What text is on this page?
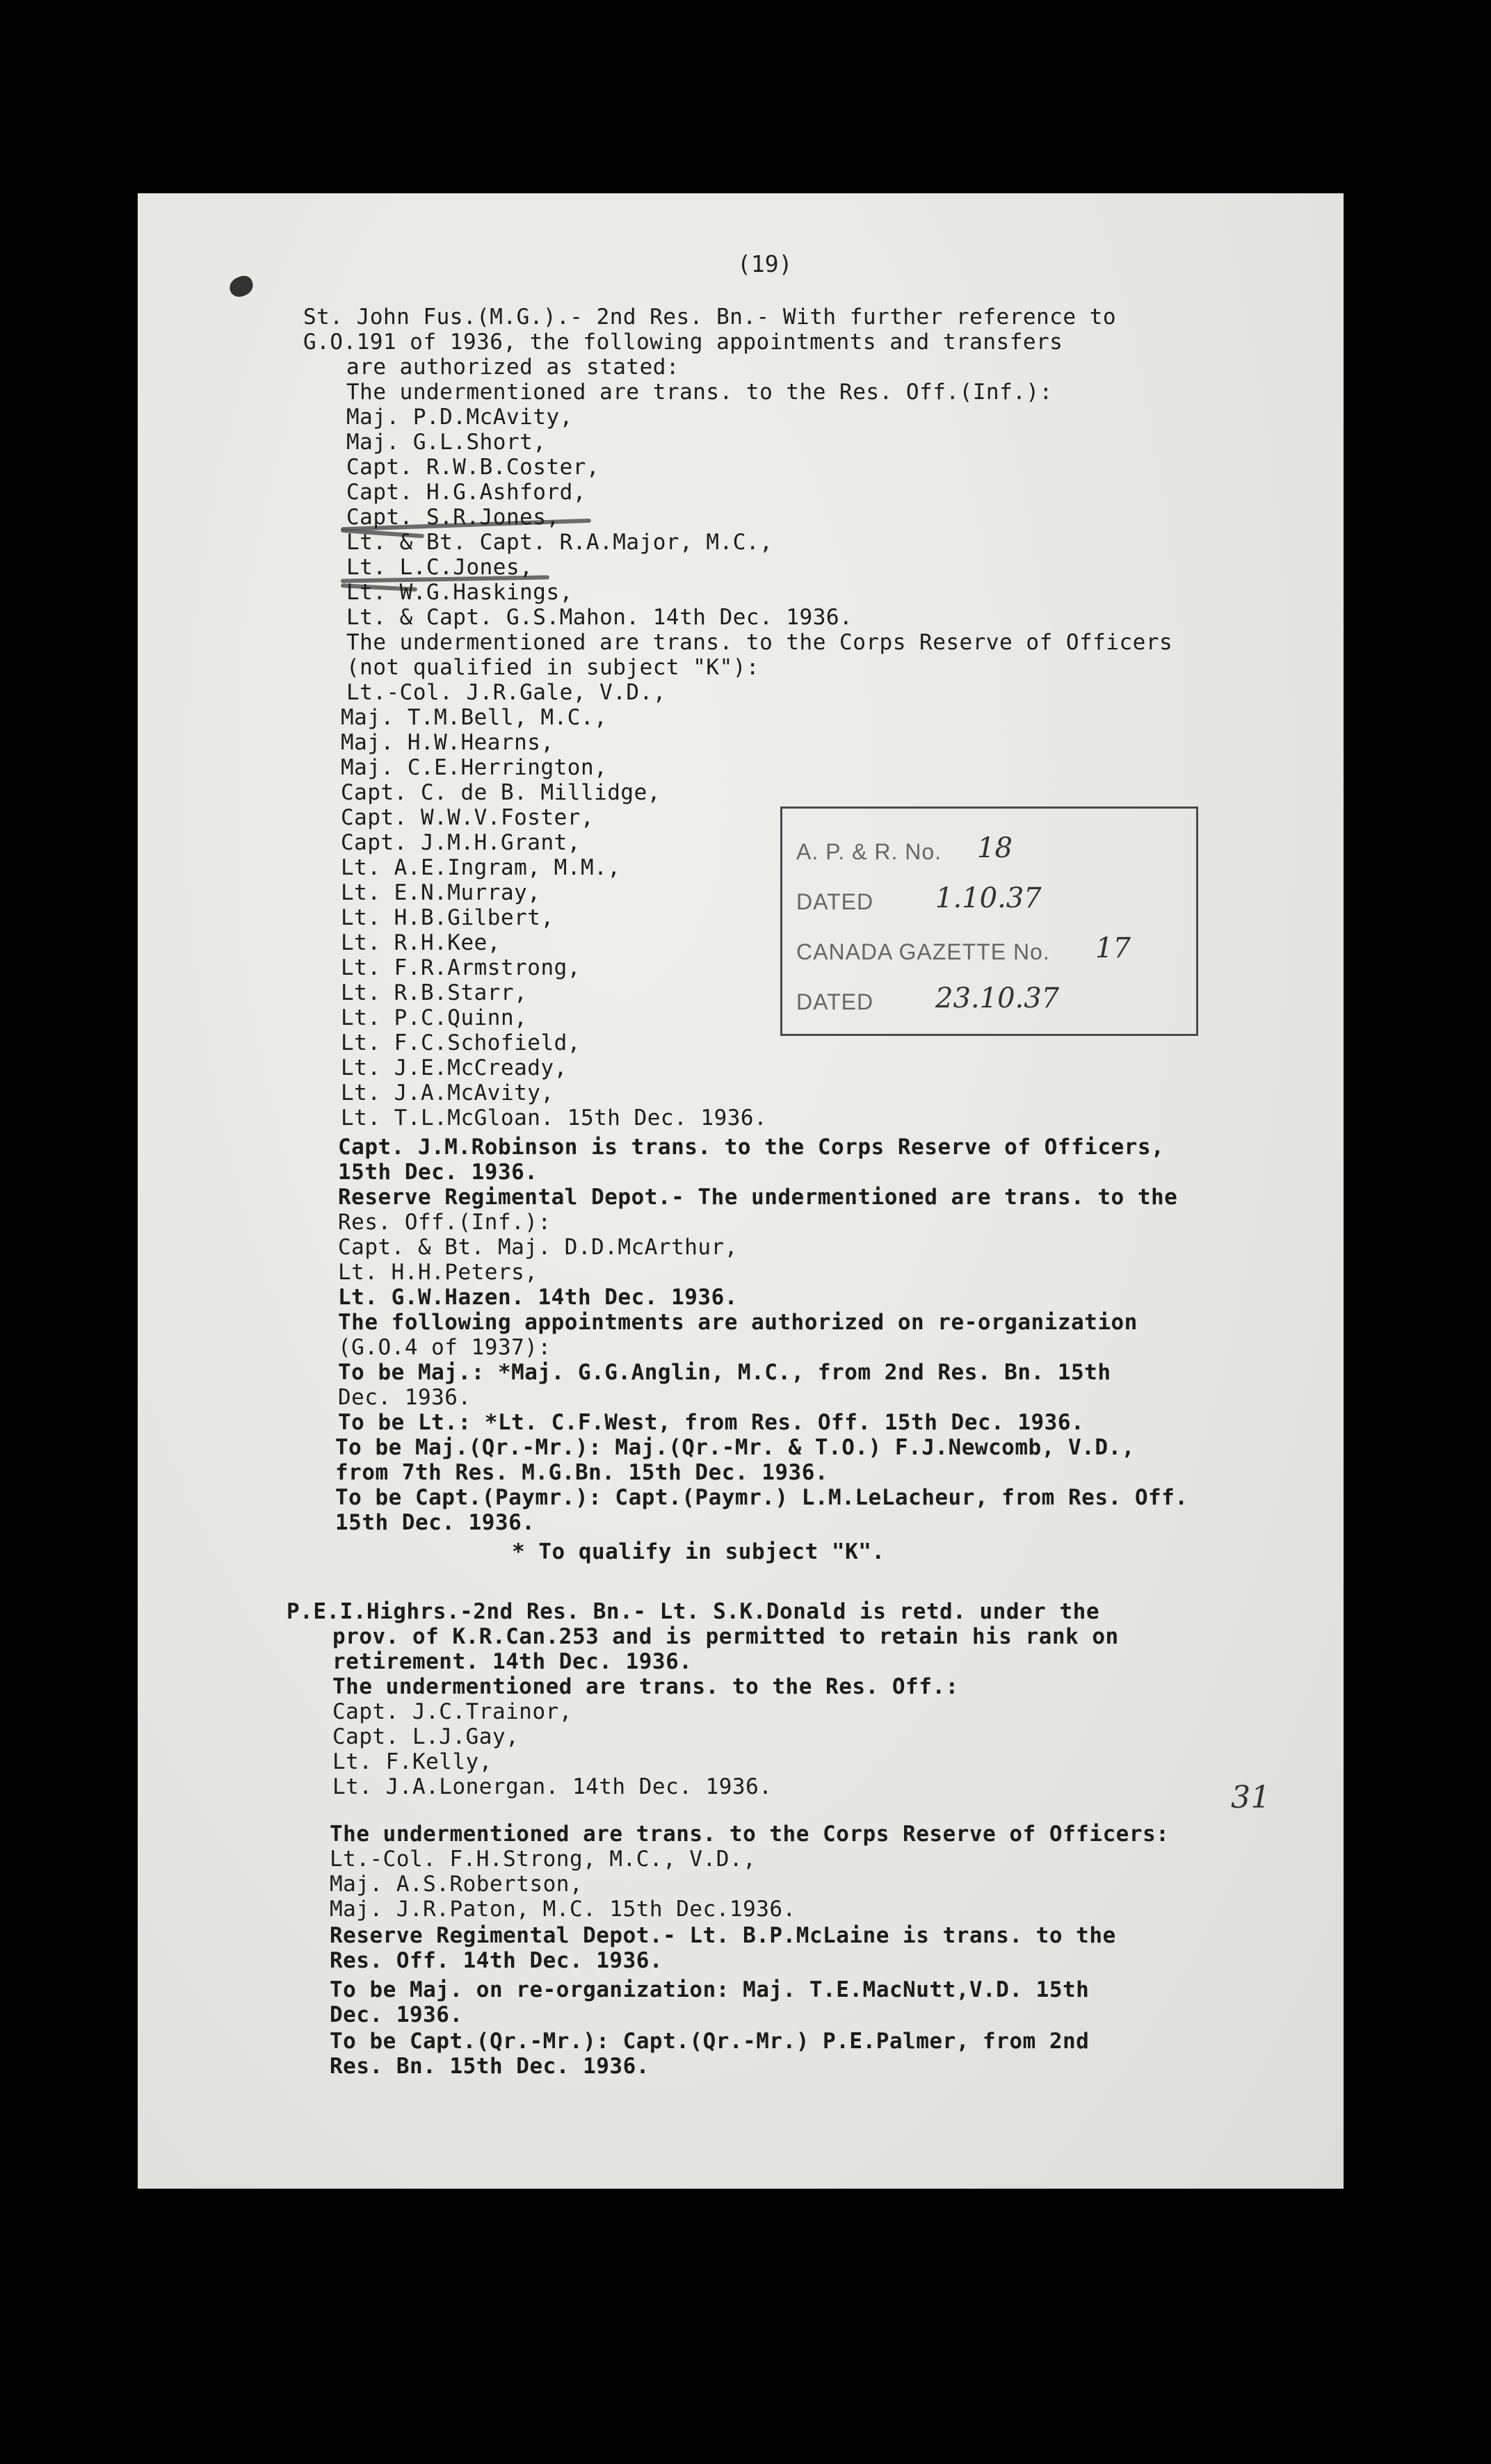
(19)
St. John Fus.(M.G.).- 2nd Res. Bn.- With further reference to
G.O.191 of 1936, the following appointments and transfers
are authorized as stated:
The undermentioned are trans. to the Res. Off.(Inf.):
Maj. P.D.McAvity,
Maj. G.L.Short,
Capt. R.W.B.Coster,
Capt. H.G.Ashford,
Capt. S.R.Jones,
Lt. & Bt. Capt. R.A.Major, M.C.,
Lt. L.C.Jones,
Lt. W.G.Haskings,
Lt. & Capt. G.S.Mahon. 14th Dec. 1936.
The undermentioned are trans. to the Corps Reserve of Officers
(not qualified in subject "K"):
Lt.-Col. J.R.Gale, V.D.,
Maj. T.M.Bell, M.C.,
Maj. H.W.Hearns,
Maj. C.E.Herrington,
Capt. C. de B. Millidge,
Capt. W.W.V.Foster,
Capt. J.M.H.Grant,
Lt. A.E.Ingram, M.M.,
Lt. E.N.Murray,
Lt. H.B.Gilbert,
Lt. R.H.Kee,
Lt. F.R.Armstrong,
Lt. R.B.Starr,
Lt. P.C.Quinn,
Lt. F.C.Schofield,
Lt. J.E.McCready,
Lt. J.A.McAvity,
Lt. T.L.McGloan. 15th Dec. 1936.
Capt. J.M.Robinson is trans. to the Corps Reserve of Officers,
15th Dec. 1936.
Reserve Regimental Depot.- The undermentioned are trans. to the
Res. Off.(Inf.):
Capt. & Bt. Maj. D.D.McArthur,
Lt. H.H.Peters,
Lt. G.W.Hazen. 14th Dec. 1936.
The following appointments are authorized on re-organization
(G.O.4 of 1937):
To be Maj.: *Maj. G.G.Anglin, M.C., from 2nd Res. Bn. 15th
Dec. 1936.
To be Lt.: *Lt. C.F.West, from Res. Off. 15th Dec. 1936.
To be Maj.(Qr.-Mr.): Maj.(Qr.-Mr. & T.O.) F.J.Newcomb, V.D.,
from 7th Res. M.G.Bn. 15th Dec. 1936.
To be Capt.(Paymr.): Capt.(Paymr.) L.M.LeLacheur, from Res. Off.
15th Dec. 1936.
* To qualify in subject "K".
P.E.I.Highrs.-2nd Res. Bn.- Lt. S.K.Donald is retd. under the
prov. of K.R.Can.253 and is permitted to retain his rank on
retirement. 14th Dec. 1936.
The undermentioned are trans. to the Res. Off.:
Capt. J.C.Trainor,
Capt. L.J.Gay,
Lt. F.Kelly,
Lt. J.A.Lonergan. 14th Dec. 1936.
The undermentioned are trans. to the Corps Reserve of Officers:
Lt.-Col. F.H.Strong, M.C., V.D.,
Maj. A.S.Robertson,
Maj. J.R.Paton, M.C. 15th Dec.1936.
Reserve Regimental Depot.- Lt. B.P.McLaine is trans. to the
Res. Off. 14th Dec. 1936.
To be Maj. on re-organization: Maj. T.E.MacNutt,V.D. 15th
Dec. 1936.
To be Capt.(Qr.-Mr.): Capt.(Qr.-Mr.) P.E.Palmer, from 2nd
Res. Bn. 15th Dec. 1936.
31
A. P. & R. No. 18
DATED 1.10.37
CANADA GAZETTE No. 17
DATED 23.10.37
